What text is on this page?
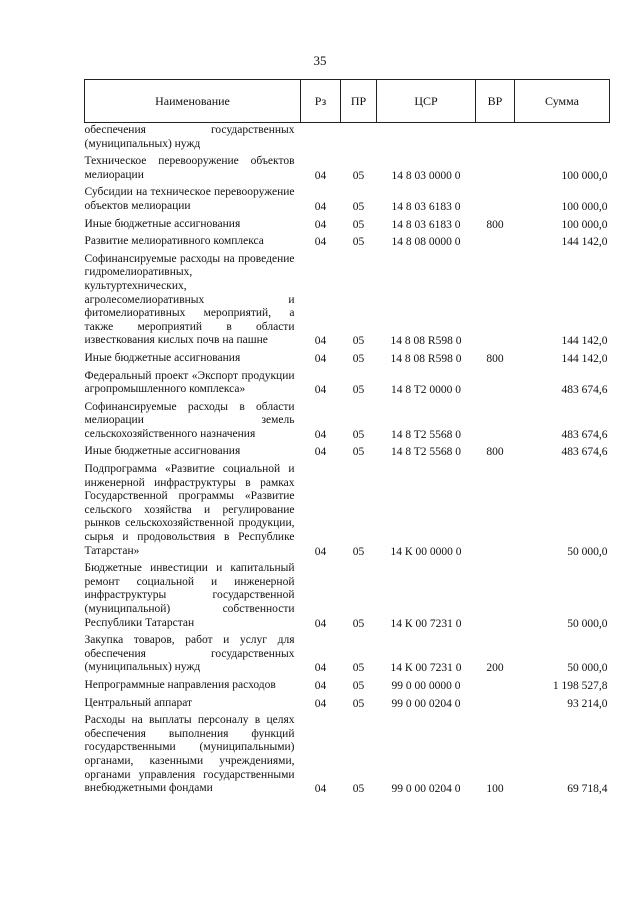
35
Наименование	Рз	ПР	ЦСР	ВР	Сумма
обеспечения государственных (муниципальных) нужд					
Техническое перевооружение объектов мелиорации	04	05	14 8 03 0000 0		100 000,0
Субсидии на техническое перевооружение объектов мелиорации	04	05	14 8 03 6183 0		100 000,0
Иные бюджетные ассигнования	04	05	14 8 03 6183 0	800	100 000,0
Развитие мелиоративного комплекса	04	05	14 8 08 0000 0		144 142,0
Софинансируемые расходы на проведение гидромелиоративных, культуртехнических, агролесомелиоративных и фитомелиоративных мероприятий, а также мероприятий в области известкования кислых почв на пашне	04	05	14 8 08 R598 0		144 142,0
Иные бюджетные ассигнования	04	05	14 8 08 R598 0	800	144 142,0
Федеральный проект «Экспорт продукции агропромышленного комплекса»	04	05	14 8 T2 0000 0		483 674,6
Софинансируемые расходы в области мелиорации земель сельскохозяйственного назначения	04	05	14 8 T2 5568 0		483 674,6
Иные бюджетные ассигнования	04	05	14 8 T2 5568 0	800	483 674,6
Подпрограмма «Развитие социальной и инженерной инфраструктуры в рамках Государственной программы «Развитие сельского хозяйства и регулирование рынков сельскохозяйственной продукции, сырья и продовольствия в Республике Татарстан»	04	05	14 К 00 0000 0		50 000,0
Бюджетные инвестиции и капитальный ремонт социальной и инженерной инфраструктуры государственной (муниципальной) собственности Республики Татарстан	04	05	14 К 00 7231 0		50 000,0
Закупка товаров, работ и услуг для обеспечения государственных (муниципальных) нужд	04	05	14 К 00 7231 0	200	50 000,0
Непрограммные направления расходов	04	05	99 0 00 0000 0		1 198 527,8
Центральный аппарат	04	05	99 0 00 0204 0		93 214,0
Расходы на выплаты персоналу в целях обеспечения выполнения функций государственными (муниципальными) органами, казенными учреждениями, органами управления государственными внебюджетными фондами	04	05	99 0 00 0204 0	100	69 718,4
